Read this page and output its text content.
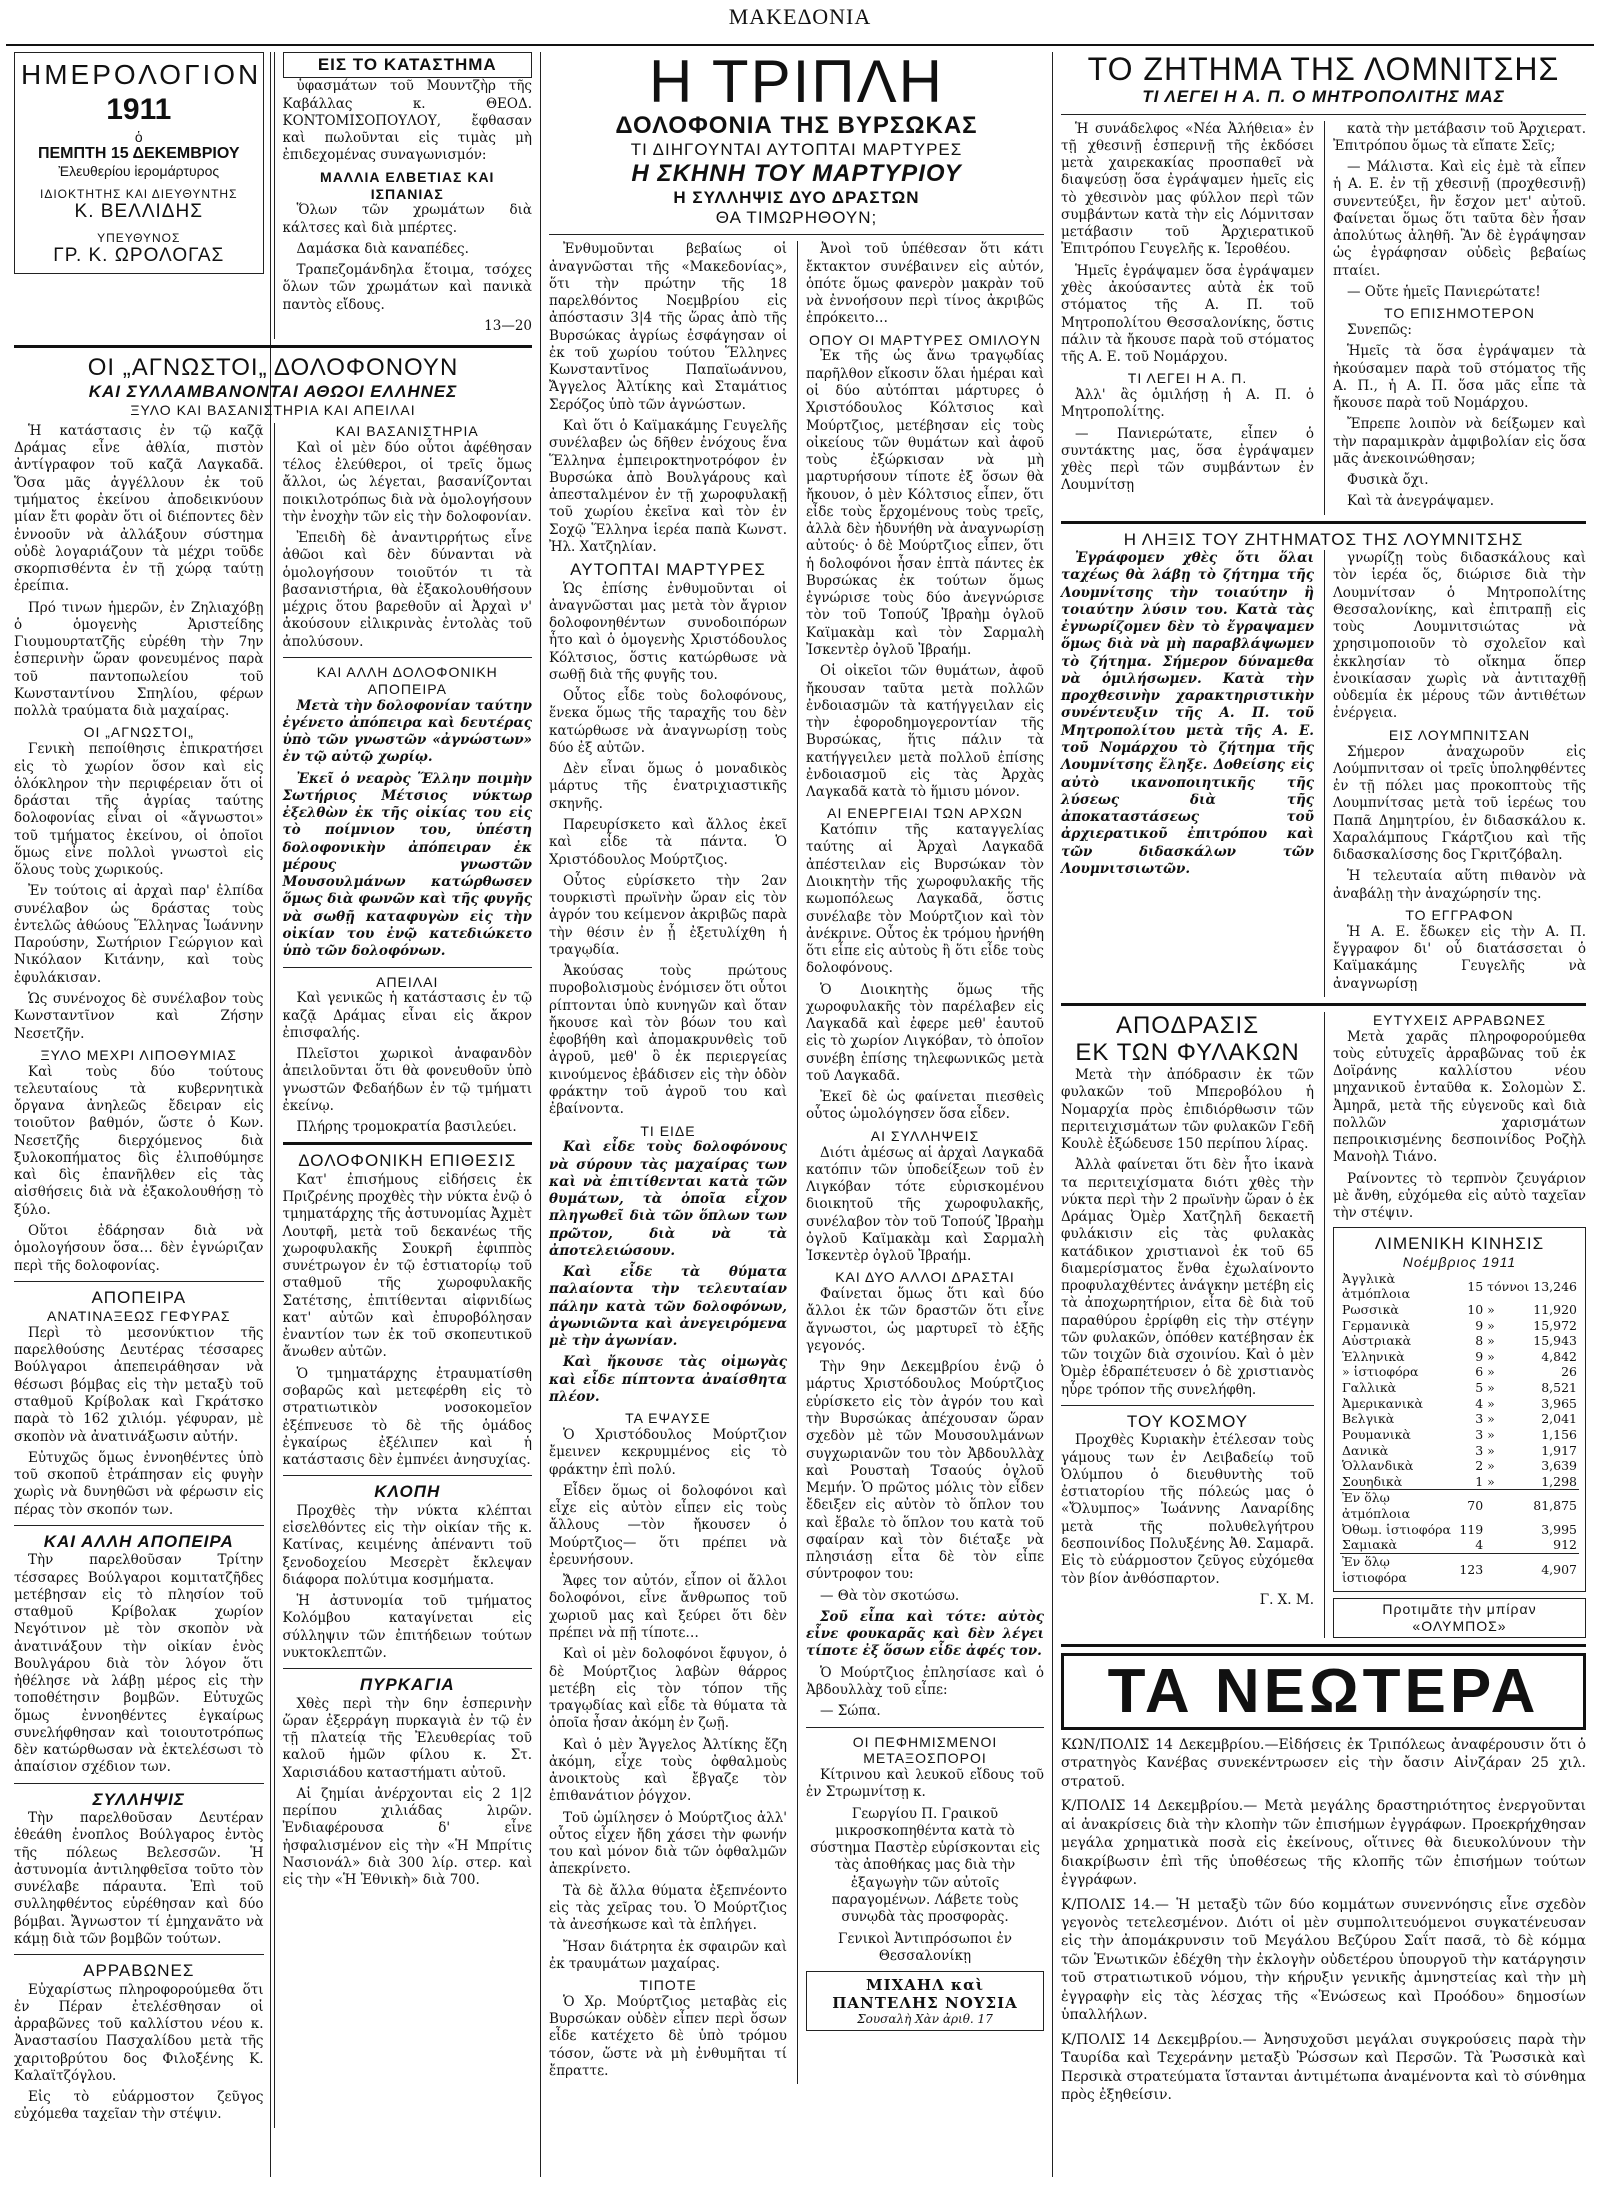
ΜΑΚΕΔΟΝΙΑ
ΗΜΕΡΟΛΟΓΙΟΝ
1911
ὁ
ΠΕΜΠΤΗ 15 ΔΕΚΕΜΒΡΙΟΥ
Ἐλευθερίου ἱερομάρτυρος
ΙΔΙΟΚΤΗΤΗΣ ΚΑΙ ΔΙΕΥΘΥΝΤΗΣ
Κ. ΒΕΛΛΙΔΗΣ
ΥΠΕΥΘΥΝΟΣ
ΓΡ. Κ. ΩΡΟΛΟΓΑΣ
ΕΙΣ ΤΟ ΚΑΤΑΣΤΗΜΑ

ὑφασμάτων τοῦ Μουντζὴρ τῆς Καβάλλας κ. ΘΕΟΔ. ΚΟΝΤΟΜΙΣΟΠΟΥΛΟΥ, ἔφθασαν καὶ πωλοῦνται εἰς τιμὰς μὴ ἐπιδεχομένας συναγωνισμόν:

ΜΑΛΛΙΑ ΕΛΒΕΤΙΑΣ ΚΑΙ ΙΣΠΑΝΙΑΣ

Ὅλων τῶν χρωμάτων διὰ κάλτσες καὶ διὰ μπέρτες.

Δαμάσκα διὰ καναπέδες.

Τραπεζομάνδηλα ἕτοιμα, τσόχες ὅλων τῶν χρωμάτων καὶ πανικὰ παντὸς εἴδους.

13—20

ΟΙ „ΑΓΝΩΣΤΟΙ„ ΔΟΛΟΦΟΝΟΥΝ
ΚΑΙ ΣΥΛΛΑΜΒΑΝΟΝΤΑΙ ΑΘΩΟΙ ΕΛΛΗΝΕΣ
ΞΥΛΟ ΚΑΙ ΒΑΣΑΝΙΣΤΗΡΙΑ ΚΑΙ ΑΠΕΙΛΑΙ

Ἡ κατάστασις ἐν τῷ καζᾷ Δράμας εἶνε ἀθλία, πιστὸν ἀντίγραφον τοῦ καζᾶ Λαγκαδᾶ. Ὅσα μᾶς ἀγγέλλουν ἐκ τοῦ τμήματος ἐκείνου ἀποδεικνύουν μίαν ἔτι φορὰν ὅτι οἱ διέποντες δὲν ἐννοοῦν νὰ ἀλλάξουν σύστημα οὐδὲ λογαριάζουν τὰ μέχρι τοῦδε σκορπισθέντα ἐν τῇ χώρᾳ ταύτῃ ἐρείπια.

Πρό τινων ἡμερῶν, ἐν Ζηλιαχόβῃ ὁ ὁμογενὴς Ἀριστείδης Γιουμουρτατζῆς εὑρέθη τὴν 7ην ἑσπερινὴν ὥραν φονευμένος παρὰ τοῦ παντοπωλείου τοῦ Κωνσταντίνου Σπηλίου, φέρων πολλὰ τραύματα διὰ μαχαίρας.

ΟΙ „ΑΓΝΩΣΤΟΙ„

Γενικὴ πεποίθησις ἐπικρατήσει εἰς τὸ χωρίον ὅσον καὶ εἰς ὁλόκληρον τὴν περιφέρειαν ὅτι οἱ δράσται τῆς ἀγρίας ταύτης δολοφονίας εἶναι οἱ «ἄγνωστοι» τοῦ τμήματος ἐκείνου, οἱ ὁποῖοι ὅμως εἶνε πολλοὶ γνωστοὶ εἰς ὅλους τοὺς χωρικούς.

Ἐν τούτοις αἱ ἀρχαὶ παρ' ἐλπίδα συνέλαβον ὡς δράστας τοὺς ἐντελῶς ἀθώους Ἕλληνας Ἰωάννην Παρούσην, Σωτήριον Γεώργιον καὶ Νικόλαον Κιτάνην, καὶ τοὺς ἐφυλάκισαν.

Ὡς συνένοχος δὲ συνέλαβον τοὺς Κωνσταντῖνον καὶ Ζήσην Νεσετζῆν.

ΞΥΛΟ ΜΕΧΡΙ ΛΙΠΟΘΥΜΙΑΣ

Καὶ τοὺς δύο τούτους τελευταίους τὰ κυβερνητικὰ ὄργανα ἀνηλεῶς ἔδειραν εἰς τοιοῦτον βαθμόν, ὥστε ὁ Κων. Νεσετζῆς διερχόμενος διὰ ξυλοκοπήματος δὶς ἐλιποθύμησε καὶ δὶς ἐπανῆλθεν εἰς τὰς αἰσθήσεις διὰ νὰ ἐξακολουθήσῃ τὸ ξύλο.

Οὕτοι ἐδάρησαν διὰ νὰ ὁμολογήσουν ὅσα… δὲν ἐγνώριζαν περὶ τῆς δολοφονίας.

ΑΠΟΠΕΙΡΑ
ΑΝΑΤΙΝΑΞΕΩΣ ΓΕΦΥΡΑΣ

Περὶ τὸ μεσονύκτιον τῆς παρελθούσης Δευτέρας τέσσαρες Βούλγαροι ἀπεπειράθησαν νὰ θέσωσι βόμβας εἰς τὴν μεταξὺ τοῦ σταθμοῦ Κρίβολακ καὶ Γκράτσκο παρὰ τὸ 162 χιλιόμ. γέφυραν, μὲ σκοπὸν νὰ ἀνατινάξωσιν αὐτήν.

Εὐτυχῶς ὅμως ἐννοηθέντες ὑπὸ τοῦ σκοποῦ ἐτράπησαν εἰς φυγὴν χωρὶς νὰ δυνηθῶσι νὰ φέρωσιν εἰς πέρας τὸν σκοπόν των.

ΚΑΙ ΑΛΛΗ ΑΠΟΠΕΙΡΑ

Τὴν παρελθοῦσαν Τρίτην τέσσαρες Βούλγαροι κομιτατζῆδες μετέβησαν εἰς τὸ πλησίον τοῦ σταθμοῦ Κρίβολακ χωρίον Νεγότινον μὲ τὸν σκοπὸν νὰ ἀνατινάξουν τὴν οἰκίαν ἑνὸς Βουλγάρου διὰ τὸν λόγον ὅτι ἠθέλησε νὰ λάβῃ μέρος εἰς τὴν τοποθέτησιν βομβῶν. Εὐτυχῶς ὅμως ἐννοηθέντες ἐγκαίρως συνελήφθησαν καὶ τοιουτοτρόπως δὲν κατώρθωσαν νὰ ἐκτελέσωσι τὸ ἀπαίσιον σχέδιον των.

ΣΥΛΛΗΨΙΣ

Τὴν παρελθοῦσαν Δευτέραν ἐθεάθη ἐνοπλος Βούλγαρος ἐντὸς τῆς πόλεως Βελεσσῶν. Ἡ ἀστυνομία ἀντιληφθεῖσα τοῦτο τὸν συνέλαβε πάραυτα. Ἐπὶ τοῦ συλληφθέντος εὑρέθησαν καὶ δύο βόμβαι. Ἄγνωστον τί ἐμηχανᾶτο νὰ κάμῃ διὰ τῶν βομβῶν τούτων.

ΑΡΡΑΒΩΝΕΣ

Εὐχαρίστως πληροφορούμεθα ὅτι ἐν Πέραν ἐτελέσθησαν οἱ ἀρραβῶνες τοῦ καλλίστου νέου κ. Ἀναστασίου Πασχαλίδου μετὰ τῆς χαριτοβρύτου δος Φιλοξένης Κ. Καλαϊτζόγλου.

Εἰς τὸ εὐάρμοστον ζεῦγος εὐχόμεθα ταχεῖαν τὴν στέψιν.

ΚΑΙ ΒΑΣΑΝΙΣΤΗΡΙΑ

Καὶ οἱ μὲν δύο οὗτοι ἀφέθησαν τέλος ἐλεύθεροι, οἱ τρεῖς ὅμως ἄλλοι, ὡς λέγεται, βασανίζονται ποικιλοτρόπως διὰ νὰ ὁμολογήσουν τὴν ἐνοχὴν τῶν εἰς τὴν δολοφονίαν.

Ἐπειδὴ δὲ ἀναντιρρήτως εἶνε ἀθῶοι καὶ δὲν δύνανται νὰ ὁμολογήσουν τοιοῦτόν τι τὰ βασανιστήρια, θὰ ἐξακολουθήσουν μέχρις ὅτου βαρεθοῦν αἱ Ἀρχαὶ ν' ἀκούσουν εἰλικρινὰς ἐντολὰς τοῦ ἀπολύσουν.

ΚΑΙ ΑΛΛΗ ΔΟΛΟΦΟΝΙΚΗ ΑΠΟΠΕΙΡΑ

Μετὰ τὴν δολοφονίαν ταύτην ἐγένετο ἀπόπειρα καὶ δευτέρας ὑπὸ τῶν γνωστῶν «ἀγνώστων» ἐν τῷ αὐτῷ χωρίῳ.

Ἐκεῖ ὁ νεαρὸς Ἕλλην ποιμὴν Σωτήριος Μέτσιος νύκτωρ ἐξελθὼν ἐκ τῆς οἰκίας του εἰς τὸ ποίμνιον του, ὑπέστη δολοφονικὴν ἀπόπειραν ἐκ μέρους γνωστῶν Μουσουλμάνων κατώρθωσεν ὅμως διὰ φωνῶν καὶ τῆς φυγῆς νὰ σωθῇ καταφυγὼν εἰς τὴν οἰκίαν του ἐνῷ κατεδιώκετο ὑπὸ τῶν δολοφόνων.

ΑΠΕΙΛΑΙ

Καὶ γενικῶς ἡ κατάστασις ἐν τῷ καζᾷ Δράμας εἶναι εἰς ἄκρον ἐπισφαλής.

Πλεῖστοι χωρικοὶ ἀναφανδὸν ἀπειλοῦνται ὅτι θὰ φονευθοῦν ὑπὸ γνωστῶν Φεδαήδων ἐν τῷ τμήματι ἐκείνῳ.

Πλήρης τρομοκρατία βασιλεύει.

ΔΟΛΟΦΟΝΙΚΗ ΕΠΙΘΕΣΙΣ

Κατ' ἐπισήμους εἰδήσεις ἐκ Πριζρένης προχθὲς τὴν νύκτα ἐνῷ ὁ τμηματάρχης τῆς ἀστυνομίας Ἀχμὲτ Λουτφῆ, μετὰ τοῦ δεκανέως τῆς χωροφυλακῆς Σουκρῆ ἐφιππὸς συνέτρωγον ἐν τῷ ἑστιατορίῳ τοῦ σταθμοῦ τῆς χωροφυλακῆς Σατέτσης, ἐπιτίθενται αἰφνιδίως κατ' αὐτῶν καὶ ἐπυροβόλησαν ἐναντίον των ἐκ τοῦ σκοπευτικοῦ ἄνωθεν αὐτῶν.

Ὁ τμηματάρχης ἐτραυματίσθη σοβαρῶς καὶ μετεφέρθη εἰς τὸ στρατιωτικὸν νοσοκομεῖον ἐξέπνευσε τὸ δὲ τῆς ὁμάδος ἐγκαίρως ἐξέλιπεν καὶ ἡ κατάστασις δὲν ἐμπνέει ἀνησυχίας.

ΚΛΟΠΗ

Προχθὲς τὴν νύκτα κλέπται εἰσελθόντες εἰς τὴν οἰκίαν τῆς κ. Κατίνας, κειμένης ἀπέναντι τοῦ ξενοδοχείου Μεσερὲτ ἔκλεψαν διάφορα πολύτιμα κοσμήματα.

Ἡ ἀστυνομία τοῦ τμήματος Κολόμβου καταγίνεται εἰς σύλληψιν τῶν ἐπιτήδειων τούτων νυκτοκλεπτῶν.

ΠΥΡΚΑΓΙΑ

Χθὲς περὶ τὴν 6ην ἑσπερινὴν ὥραν ἐξερράγη πυρκαγιὰ ἐν τῷ ἐν τῇ πλατείᾳ τῆς Ἐλευθερίας τοῦ καλοῦ ἡμῶν φίλου κ. Στ. Χαρισιάδου καταστήματι αὐτοῦ.

Αἱ ζημίαι ἀνέρχονται εἰς 2 1|2 περίπου χιλιάδας λιρῶν. Ἐνδιαφέρουσα δ' εἶνε ἠσφαλισμένον εἰς τὴν «Ἡ Μπρίτις Νασιονάλ» διὰ 300 λίρ. στερ. καὶ εἰς τὴν «Ἡ Ἐθνικὴ» διὰ 700.

Η ΤΡΙΠΛΗ
ΔΟΛΟΦΟΝΙΑ ΤΗΣ ΒΥΡΣΩΚΑΣ
ΤΙ ΔΙΗΓΟΥΝΤΑΙ ΑΥΤΟΠΤΑΙ ΜΑΡΤΥΡΕΣ
Η ΣΚΗΝΗ ΤΟΥ ΜΑΡΤΥΡΙΟΥ
Η ΣΥΛΛΗΨΙΣ ΔΥΟ ΔΡΑΣΤΩΝ
ΘΑ ΤΙΜΩΡΗΘΟΥΝ;

Ἐνθυμοῦνται βεβαίως οἱ ἀναγνῶσται τῆς «Μακεδονίας», ὅτι τὴν πρώτην τῆς 18 παρελθόντος Νοεμβρίου εἰς ἀπόστασιν 3|4 τῆς ὥρας ἀπὸ τῆς Βυρσώκας ἀγρίως ἐσφάγησαν οἱ ἐκ τοῦ χωρίου τούτου Ἕλληνες Κωνσταντῖνος Παπαϊωάννου, Ἄγγελος Ἀλτίκης καὶ Σταμάτιος Σερόζος ὑπὸ τῶν ἀγνώστων.

Καὶ ὅτι ὁ Καϊμακάμης Γευγελῆς συνέλαβεν ὡς δῆθεν ἐνόχους ἕνα Ἕλληνα ἐμπειροκτηνοτρόφον ἐν Βυρσώκα ἀπὸ Βουλγάρους καὶ ἀπεσταλμένον ἐν τῇ χωροφυλακῇ τοῦ χωρίου ἐκεῖνα καὶ τὸν ἐν Σοχῷ Ἕλληνα ἱερέα παπὰ Κωνστ. Ἠλ. Χατζηλίαν.

ΑΥΤΟΠΤΑΙ ΜΑΡΤΥΡΕΣ

Ὡς ἐπίσης ἐνθυμοῦνται οἱ ἀναγνῶσται μας μετὰ τὸν ἄγριον δολοφονηθέντων συνοδοιπόρων ἦτο καὶ ὁ ὁμογενὴς Χριστόδουλος Κόλτσιος, ὅστις κατώρθωσε νὰ σωθῇ διὰ τῆς φυγῆς του.

Οὗτος εἶδε τοὺς δολοφόνους, ἕνεκα ὅμως τῆς ταραχῆς του δὲν κατώρθωσε νὰ ἀναγνωρίσῃ τοὺς δύο ἐξ αὐτῶν.

Δὲν εἶναι ὅμως ὁ μοναδικὸς μάρτυς τῆς ἐνατριχιαστικῆς σκηνῆς.

Παρευρίσκετο καὶ ἄλλος ἐκεῖ καὶ εἶδε τὰ πάντα. Ὁ Χριστόδουλος Μούρτζιος.

Οὗτος εὑρίσκετο τὴν 2αν τουρκιστὶ πρωϊνὴν ὥραν εἰς τὸν ἀγρόν του κείμενον ἀκριβῶς παρὰ τὴν θέσιν ἐν ᾗ ἐξετυλίχθη ἡ τραγῳδία.

Ἀκούσας τοὺς πρώτους πυροβολισμοὺς ἐνόμισεν ὅτι οὗτοι ρίπτονται ὑπὸ κυνηγῶν καὶ ὅταν ἤκουσε καὶ τὸν βόων του καὶ ἐφοβήθη καὶ ἀπομακρυνθεὶς τοῦ ἀγροῦ, μεθ' ὃ ἐκ περιεργείας κινούμενος ἐβάδισεν εἰς τὴν ὁδὸν φράκτην τοῦ ἀγροῦ του καὶ ἐβαίνοντα.

ΤΙ ΕΙΔΕ

Καὶ εἶδε τοὺς δολοφόνους νὰ σύρουν τὰς μαχαίρας των καὶ νὰ ἐπιτίθενται κατὰ τῶν θυμάτων, τὰ ὁποῖα εἶχον πληγωθεῖ διὰ τῶν ὅπλων των πρῶτον, διὰ νὰ τὰ ἀποτελειώσουν.

Καὶ εἶδε τὰ θύματα παλαίοντα τὴν τελευταίαν πάλην κατὰ τῶν δολοφόνων, ἀγωνιῶντα καὶ ἀνεγειρόμενα μὲ τὴν ἀγωνίαν.

Καὶ ἤκουσε τὰς οἰμωγὰς καὶ εἶδε πίπτοντα ἀναίσθητα πλέον.

ΤΑ ΕΨΑΥΣΕ

Ὁ Χριστόδουλος Μούρτζιον ἔμεινεν κεκρυμμένος εἰς τὸ φράκτην ἐπὶ πολύ.

Εἶδεν ὅμως οἱ δολοφόνοι καὶ εἶχε εἰς αὐτὸν εἶπεν εἰς τοὺς ἄλλους —τὸν ἤκουσεν ὁ Μούρτζιος— ὅτι πρέπει νὰ ἐρευνήσουν.

Ἄφες τον αὐτόν, εἶπον οἱ ἄλλοι δολοφόνοι, εἶνε ἄνθρωπος τοῦ χωριοῦ μας καὶ ξεύρει ὅτι δὲν πρέπει νὰ πῇ τίποτε…

Καὶ οἱ μὲν δολοφόνοι ἔφυγον, ὁ δὲ Μούρτζιος λαβὼν θάρρος μετέβη εἰς τὸν τόπον τῆς τραγῳδίας καὶ εἶδε τὰ θύματα τὰ ὁποῖα ἦσαν ἀκόμη ἐν ζωῇ.

Καὶ ὁ μὲν Ἄγγελος Ἀλτίκης ἔζη ἀκόμη, εἶχε τοὺς ὀφθαλμοὺς ἀνοικτοὺς καὶ ἔβγαζε τὸν ἐπιθανάτιον ῥόγχον.

Τοῦ ὡμίλησεν ὁ Μούρτζιος ἀλλ' οὗτος εἶχεν ἤδη χάσει τὴν φωνήν του καὶ μόνον διὰ τῶν ὀφθαλμῶν ἀπεκρίνετο.

Τὰ δὲ ἄλλα θύματα ἐξεπνέοντο εἰς τὰς χεῖρας του. Ὁ Μούρτζιος τὰ ἀνεσήκωσε καὶ τὰ ἐπλήγει.

Ἤσαν διάτρητα ἐκ σφαιρῶν καὶ ἐκ τραυμάτων μαχαίρας.

ΤΙΠΟΤΕ

Ὁ Χρ. Μούρτζιος μεταβὰς εἰς Βυρσώκαν οὐδὲν εἶπεν περὶ ὅσων εἶδε κατέχετο δὲ ὑπὸ τρόμου τόσον, ὥστε νὰ μὴ ἐνθυμῆται τί ἔπραττε.

Ἀνοὶ τοῦ ὑπέθεσαν ὅτι κάτι ἔκτακτον συνέβαινεν εἰς αὐτόν, ὁπότε ὅμως φανερὸν μακρὰν τοῦ νὰ ἐννοήσουν περὶ τίνος ἀκριβῶς ἐπρόκειτο…

ΟΠΟΥ ΟΙ ΜΑΡΤΥΡΕΣ ΟΜΙΛΟΥΝ

Ἐκ τῆς ὡς ἄνω τραγῳδίας παρῆλθον εἴκοσιν ὅλαι ἡμέραι καὶ οἱ δύο αὐτόπται μάρτυρες ὁ Χριστόδουλος Κόλτσιος καὶ Μούρτζιος, μετέβησαν εἰς τοὺς οἰκείους τῶν θυμάτων καὶ ἀφοῦ τοὺς ἐξώρκισαν νὰ μὴ μαρτυρήσουν τίποτε ἐξ ὅσων θὰ ἤκουον, ὁ μὲν Κόλτσιος εἶπεν, ὅτι εἶδε τοὺς ἔρχομένους τοὺς τρεῖς, ἀλλὰ δὲν ἠδυνήθη νὰ ἀναγνωρίσῃ αὐτούς· ὁ δὲ Μούρτζιος εἶπεν, ὅτι ἡ δολοφόνοι ἦσαν ἑπτὰ πάντες ἐκ Βυρσώκας ἐκ τούτων ὅμως ἐγνώρισε τοὺς δύο ἀνεγνώρισε τὸν τοῦ Τοπούζ Ἰβραὴμ ὀγλοῦ Καϊμακὰμ καὶ τὸν Σαρμαλὴ Ἰσκεντὲρ ὀγλοῦ Ἰβραήμ.

Οἱ οἰκεῖοι τῶν θυμάτων, ἀφοῦ ἤκουσαν ταῦτα μετὰ πολλῶν ἐνδοιασμῶν τὰ κατήγγειλαν εἰς τὴν ἐφοροδημογεροντίαν τῆς Βυρσώκας, ἥτις πάλιν τὰ κατήγγειλεν μετὰ πολλοῦ ἐπίσης ἐνδοιασμοῦ εἰς τὰς Ἀρχὰς Λαγκαδᾶ κατὰ τὸ ἥμισυ μόνον.

ΑΙ ΕΝΕΡΓΕΙΑΙ ΤΩΝ ΑΡΧΩΝ

Κατόπιν τῆς καταγγελίας ταύτης αἱ Ἀρχαὶ Λαγκαδᾶ ἀπέστειλαν εἰς Βυρσώκαν τὸν Διοικητὴν τῆς χωροφυλακῆς τῆς κωμοπόλεως Λαγκαδᾶ, ὅστις συνέλαβε τὸν Μούρτζιον καὶ τὸν ἀνέκρινε. Οὗτος ἐκ τρόμου ἠρνήθη ὅτι εἶπε εἰς αὐτοὺς ἢ ὅτι εἶδε τοὺς δολοφόνους.

Ὁ Διοικητὴς ὅμως τῆς χωροφυλακῆς τὸν παρέλαβεν εἰς Λαγκαδᾶ καὶ ἐφερε μεθ' ἑαυτοῦ εἰς τὸ χωρίον Λιγκόβαν, τὸ ὁποῖον συνέβη ἐπίσης τηλεφωνικῶς μετὰ τοῦ Λαγκαδᾶ.

Ἐκεῖ δὲ ὡς φαίνεται πιεσθεὶς οὗτος ὡμολόγησεν ὅσα εἶδεν.

ΑΙ ΣΥΛΛΗΨΕΙΣ

Διότι ἀμέσως αἱ ἀρχαὶ Λαγκαδᾶ κατόπιν τῶν ὑποδείξεων τοῦ ἐν Λιγκόβαν τότε εὑρισκομένου διοικητοῦ τῆς χωροφυλακῆς, συνέλαβον τὸν τοῦ Τοπούζ Ἰβραὴμ ὀγλοῦ Καϊμακὰμ καὶ Σαρμαλὴ Ἰσκεντὲρ ὀγλοῦ Ἰβραήμ.

ΚΑΙ ΔΥΟ ΑΛΛΟΙ ΔΡΑΣΤΑΙ

Φαίνεται ὅμως ὅτι καὶ δύο ἄλλοι ἐκ τῶν δραστῶν ὅτι εἶνε ἄγνωστοι, ὡς μαρτυρεῖ τὸ ἑξῆς γεγονός.

Τὴν 9ην Δεκεμβρίου ἐνῷ ὁ μάρτυς Χριστόδουλος Μούρτζιος εὑρίσκετο εἰς τὸν ἀγρόν του καὶ τὴν Βυρσώκας ἀπέχουσαν ὥραν σχεδὸν μὲ τῶν Μουσουλμάνων συγχωριανῶν του τὸν Ἀβδουλλὰχ καὶ Ρουσταὴ Τσαούς ὀγλοῦ Μεμήν. Ὁ πρῶτος μόλις τὸν εἶδεν ἔδειξεν εἰς αὐτὸν τὸ ὅπλον του καὶ ἔβαλε τὸ ὅπλον του κατὰ τοῦ σφαίραν καὶ τὸν διέταξε νὰ πλησιάσῃ εἶτα δὲ τὸν εἶπε σύντροφον του:

— Θὰ τὸν σκοτώσω.

Σοῦ εἶπα καὶ τότε: αὐτὸς εἶνε φουκαρᾶς καὶ δὲν λέγει τίποτε ἐξ ὅσων εἶδε ἀφές τον.

Ὁ Μούρτζιος ἐπλησίασε καὶ ὁ Ἀβδουλλὰχ τοῦ εἶπε:

— Σώπα.

ΟΙ ΠΕΦΗΜΙΣΜΕΝΟΙ ΜΕΤΑΞΟΣΠΟΡΟΙ

Κίτρινου καὶ λευκοῦ εἴδους τοῦ ἐν Στρωμνίτσῃ κ.

Γεωργίου Π. Γραικοῦ μικροσκοπηθέντα κατὰ τὸ σύστημα Παστὲρ εὑρίσκονται εἰς τὰς ἀποθήκας μας διὰ τὴν ἐξαγωγὴν τῶν αὐτοῖς παραγομένων. Λάβετε τοὺς συνῳδὰ τὰς προσφορὰς.

Γενικοὶ Ἀντιπρόσωποι ἐν Θεσσαλονίκῃ

ΜΙΧΑΗΛ καὶ ΠΑΝΤΕΛΗΣ ΝΟΥΣΙΑ
Σουσαλὴ Χὰν ἀριθ. 17
ΤΟ ΖΗΤΗΜΑ ΤΗΣ ΛΟΜΝΙΤΣΗΣ
ΤΙ ΛΕΓΕΙ Η Α. Π. Ο ΜΗΤΡΟΠΟΛΙΤΗΣ ΜΑΣ

Ἡ συνάδελφος «Νέα Ἀλήθεια» ἐν τῇ χθεσινῇ ἑσπερινῇ τῆς ἐκδόσει μετὰ χαιρεκακίας προσπαθεῖ νὰ διαψεύσῃ ὅσα ἐγράψαμεν ἡμεῖς εἰς τὸ χθεσινὸν μας φύλλον περὶ τῶν συμβάντων κατὰ τὴν εἰς Λόμνιτσαν μετάβασιν τοῦ Ἀρχιερατικοῦ Ἐπιτρόπου Γευγελῆς κ. Ἱεροθέου.

Ἡμεῖς ἐγράψαμεν ὅσα ἐγράψαμεν χθὲς ἀκούσαντες αὐτὰ ἐκ τοῦ στόματος τῆς Α. Π. τοῦ Μητροπολίτου Θεσσαλονίκης, ὅστις πάλιν τὰ ἤκουσε παρὰ τοῦ στόματος τῆς Α. Ε. τοῦ Νομάρχου.

ΤΙ ΛΕΓΕΙ Η Α. Π.

Ἀλλ' ἂς ὁμιλήσῃ ἡ Α. Π. ὁ Μητροπολίτης.

— Πανιερώτατε, εἶπεν ὁ συντάκτης μας, ὅσα ἐγράψαμεν χθὲς περὶ τῶν συμβάντων ἐν Λουμνίτσῃ

κατὰ τὴν μετάβασιν τοῦ Ἀρχιερατ. Ἐπιτρόπου ὅμως τὰ εἴπατε Σεῖς;

— Μάλιστα. Καὶ εἰς ἐμὲ τὰ εἶπεν ἡ Α. Ε. ἐν τῇ χθεσινῇ (προχθεσινῇ) συνεντεύξει, ἣν ἔσχον μετ' αὐτοῦ. Φαίνεται ὅμως ὅτι ταῦτα δὲν ἦσαν ἀπολύτως ἀληθῆ. Ἂν δὲ ἐγράψησαν ὡς ἐγράφησαν οὐδεὶς βεβαίως πταίει.

— Οὔτε ἡμεῖς Πανιερώτατε!

ΤΟ ΕΠΙΣΗΜΟΤΕΡΟΝ

Συνεπῶς:

Ἡμεῖς τὰ ὅσα ἐγράψαμεν τὰ ἠκούσαμεν παρὰ τοῦ στόματος τῆς Α. Π., ἡ Α. Π. ὅσα μᾶς εἶπε τὰ ἤκουσε παρὰ τοῦ Νομάρχου.

Ἔπρεπε λοιπὸν νὰ δείξωμεν καὶ τὴν παραμικρὰν ἀμφιβολίαν εἰς ὅσα μᾶς ἀνεκοινώθησαν;

Φυσικὰ ὄχι.

Καὶ τὰ ἀνεγράψαμεν.

Η ΛΗΞΙΣ ΤΟΥ ΖΗΤΗΜΑΤΟΣ ΤΗΣ ΛΟΥΜΝΙΤΣΗΣ

Ἐγράφομεν χθὲς ὅτι ὅλαι ταχέως θὰ λάβῃ τὸ ζήτημα τῆς Λουμνίτσης τὴν τοιαύτην ἢ τοιαύτην λύσιν του. Κατὰ τὰς ἐγνωρίζομεν δὲν τὸ ἔγραψαμεν ὅμως διὰ νὰ μὴ παραβλάψωμεν τὸ ζήτημα. Σήμερον δύναμεθα νὰ ὁμιλήσωμεν. Κατὰ τὴν προχθεσινὴν χαρακτηριστικὴν συνέντευξιν τῆς Α. Π. τοῦ Μητροπολίτου μετὰ τῆς Α. Ε. τοῦ Νομάρχου τὸ ζήτημα τῆς Λουμνίτσης ἔληξε. Δοθείσης εἰς αὐτὸ ικανοποιητικῆς τῆς λύσεως διὰ τῆς ἀποκαταστάσεως τοῦ ἀρχιερατικοῦ ἐπιτρόπου καὶ τῶν διδασκάλων τῶν Λουμνιτσιωτῶν.

γνωρίζῃ τοὺς διδασκάλους καὶ τὸν ἱερέα ὅς, διώρισε διὰ τὴν Λουμνίτσαν ὁ Μητροπολίτης Θεσσαλονίκης, καὶ ἐπιτραπῇ εἰς τοὺς Λουμνιτσιώτας νὰ χρησιμοποιοῦν τὸ σχολεῖον καὶ ἐκκλησίαν τὸ οἴκημα ὅπερ ἐνοικίασαν χωρὶς νὰ ἀντιταχθῇ οὐδεμία ἐκ μέρους τῶν ἀντιθέτων ἐνέργεια.

ΕΙΣ ΛΟΥΜΠΝΙΤΣΑΝ

Σήμερον ἀναχωροῦν εἰς Λούμπνιτσαν οἱ τρεῖς ὑποληφθέντες ἐν τῇ πόλει μας προκοπτοὺς τῆς Λουμπνίτσας μετὰ τοῦ ἱερέως του Παπᾶ Δημητρίου, ἐν διδασκάλου κ. Χαραλάμπους Γκάρτζιου καὶ τῆς διδασκαλίσσης δος Γκριτζόβαλη.

Ἡ τελευταία αὕτη πιθανὸν νὰ ἀναβάλῃ τὴν ἀναχώρησίν της.

ΤΟ ΕΓΓΡΑΦΟΝ

Ἡ Α. Ε. ἔδωκεν εἰς τὴν Α. Π. ἔγγραφον δι' οὗ διατάσσεται ὁ Καϊμακάμης Γευγελῆς νὰ ἀναγνωρίσῃ

ΑΠΟΔΡΑΣΙΣ
ΕΚ ΤΩΝ ΦΥΛΑΚΩΝ

Μετὰ τὴν ἀπόδρασιν ἐκ τῶν φυλακῶν τοῦ Μπεροβόλου ἡ Νομαρχία πρὸς ἐπιδιόρθωσιν τῶν περιτειχισμάτων τῶν φυλακῶν Γεδῆ Κουλὲ ἐξώδευσε 150 περίπου λίρας.

Ἀλλὰ φαίνεται ὅτι δὲν ἦτο ἱκανὰ τα περιτειχίσματα διότι χθὲς τὴν νύκτα περὶ τὴν 2 πρωϊνὴν ὥραν ὁ ἐκ Δράμας Ὀμὲρ Χατζηλῆ δεκαετῆ φυλάκισιν εἰς τὰς φυλακὰς κατάδικον χριστιανοὶ ἐκ τοῦ 65 διαμερίσματος ἔνθα ἐχωλαίνοντο προφυλαχθέντες ἀνάγκην μετέβη εἰς τὰ ἀποχωρητήριον, εἶτα δὲ διὰ τοῦ παραθύρου ἐρρίφθη εἰς τὴν στέγην τῶν φυλακῶν, ὁπόθεν κατέβησαν ἐκ τῶν τοιχῶν διὰ σχοινίου. Καὶ ὁ μὲν Ὀμὲρ ἐδραπέτευσεν ὁ δὲ χριστιανὸς ηὗρε τρόπον τῆς συνελήφθη.

ΤΟΥ ΚΟΣΜΟΥ

Προχθὲς Κυριακὴν ἐτέλεσαν τοὺς γάμους των ἐν Λειβαδείῳ τοῦ Ὀλύμπου ὁ διευθυντὴς τοῦ ἐστιατορίου τῆς πόλεώς μας ὁ «Ὄλυμπος» Ἰωάννης Λαναρίδης μετὰ τῆς πολυθελγήτρου δεσποινίδος Πολυξένης Ἀθ. Σαμαρᾶ. Εἰς τὸ εὐάρμοστον ζεῦγος εὐχόμεθα τὸν βίον ἀνθόσπαρτον.

Γ. Χ. Μ.

ΕΥΤΥΧΕΙΣ ΑΡΡΑΒΩΝΕΣ

Μετὰ χαρᾶς πληροφορούμεθα τοὺς εὐτυχεῖς ἀρραβῶνας τοῦ ἐκ Δοϊράνης καλλίστου νέου μηχανικοῦ ἐνταῦθα κ. Σολομὼν Σ. Ἀμηρᾶ, μετὰ τῆς εὐγενοῦς καὶ διὰ πολλῶν χαρισμάτων πεπροικισμένης δεσποινίδος Ροζὴλ Μανοὴλ Τιάνο.

Ραίνοντες τὸ τερπνὸν ζευγάριον μὲ ἄνθη, εὐχόμεθα εἰς αὐτὸ ταχεῖαν τὴν στέψιν.

ΛΙΜΕΝΙΚΗ ΚΙΝΗΣΙΣ
Νοέμβριος 1911
Ἀγγλικὰ ἀτμόπλοια	15	τόννοι	13,246
Ρωσσικὰ	10	»	11,920
Γερμανικὰ	9	»	15,972
Αὐστριακὰ	8	»	15,943
Ἑλληνικὰ	9	»	4,842
» ἱστιοφόρα	6	»	26
Γαλλικὰ	5	»	8,521
Ἀμερικανικὰ	4	»	3,965
Βελγικὰ	3	»	2,041
Ρουμανικὰ	3	»	1,156
Δανικὰ	3	»	1,917
Ὁλλανδικὰ	2	»	3,639
Σουηδικὰ	1	»	1,298
Ἐν ὅλῳ ἀτμόπλοια	70		81,875
Ὀθωμ. ἱστιοφόρα	119		3,995
Σαμιακὰ	4		912
Ἐν ὅλῳ ἱστιοφόρα	123		4,907
Προτιμᾶτε τὴν μπίραν «ΟΛΥΜΠΟΣ»
ΤΑ ΝΕΩΤΕΡΑ
ΚΩΝ/ΠΟΛΙΣ 14 Δεκεμβρίου.—Εἰδήσεις ἐκ Τριπόλεως ἀναφέρουσιν ὅτι ὁ στρατηγὸς Κανέβας συνεκέντρωσεν εἰς τὴν ὄασιν Αἰνζάραν 25 χιλ. στρατοῦ.
Κ/ΠΟΛΙΣ 14 Δεκεμβρίου.— Μετὰ μεγάλης δραστηριότητος ἐνεργοῦνται αἱ ἀνακρίσεις διὰ τὴν κλοπὴν τῶν ἐπισήμων ἐγγράφων. Προεκρήχθησαν μεγάλα χρηματικὰ ποσὰ εἰς ἐκείνους, οἵτινες θὰ διευκολύνουν τὴν διακρίβωσιν ἐπὶ τῆς ὑποθέσεως τῆς κλοπῆς τῶν ἐπισήμων τούτων ἐγγράφων.
Κ/ΠΟΛΙΣ 14.— Ἡ μεταξὺ τῶν δύο κομμάτων συνεννόησις εἶνε σχεδὸν γεγονὸς τετελεσμένον. Διότι οἱ μὲν συμπολιτευόμενοι συγκατένευσαν εἰς τὴν ἀπομάκρυνσιν τοῦ Μεγάλου Βεζύρου Σαΐτ πασᾶ, τὸ δὲ κόμμα τῶν Ἑνωτικῶν ἐδέχθη τὴν ἐκλογὴν οὐδετέρου ὑπουργοῦ τὴν κατάργησιν τοῦ στρατιωτικοῦ νόμου, τὴν κήρυξιν γενικῆς ἀμνηστείας καὶ τὴν μὴ ἐγγραφὴν εἰς τὰς λέσχας τῆς «Ἑνώσεως καὶ Προόδου» δημοσίων ὑπαλλήλων.
Κ/ΠΟΛΙΣ 14 Δεκεμβρίου.— Ἀνησυχοῦσι μεγάλαι συγκρούσεις παρὰ τὴν Ταυρίδα καὶ Τεχεράνην μεταξὺ Ῥώσσων καὶ Περσῶν. Τὰ Ῥωσσικὰ καὶ Περσικὰ στρατεύματα ἵστανται ἀντιμέτωπα ἀναμένοντα καὶ τὸ σύνθημα πρὸς ἐξηθείσιν.
